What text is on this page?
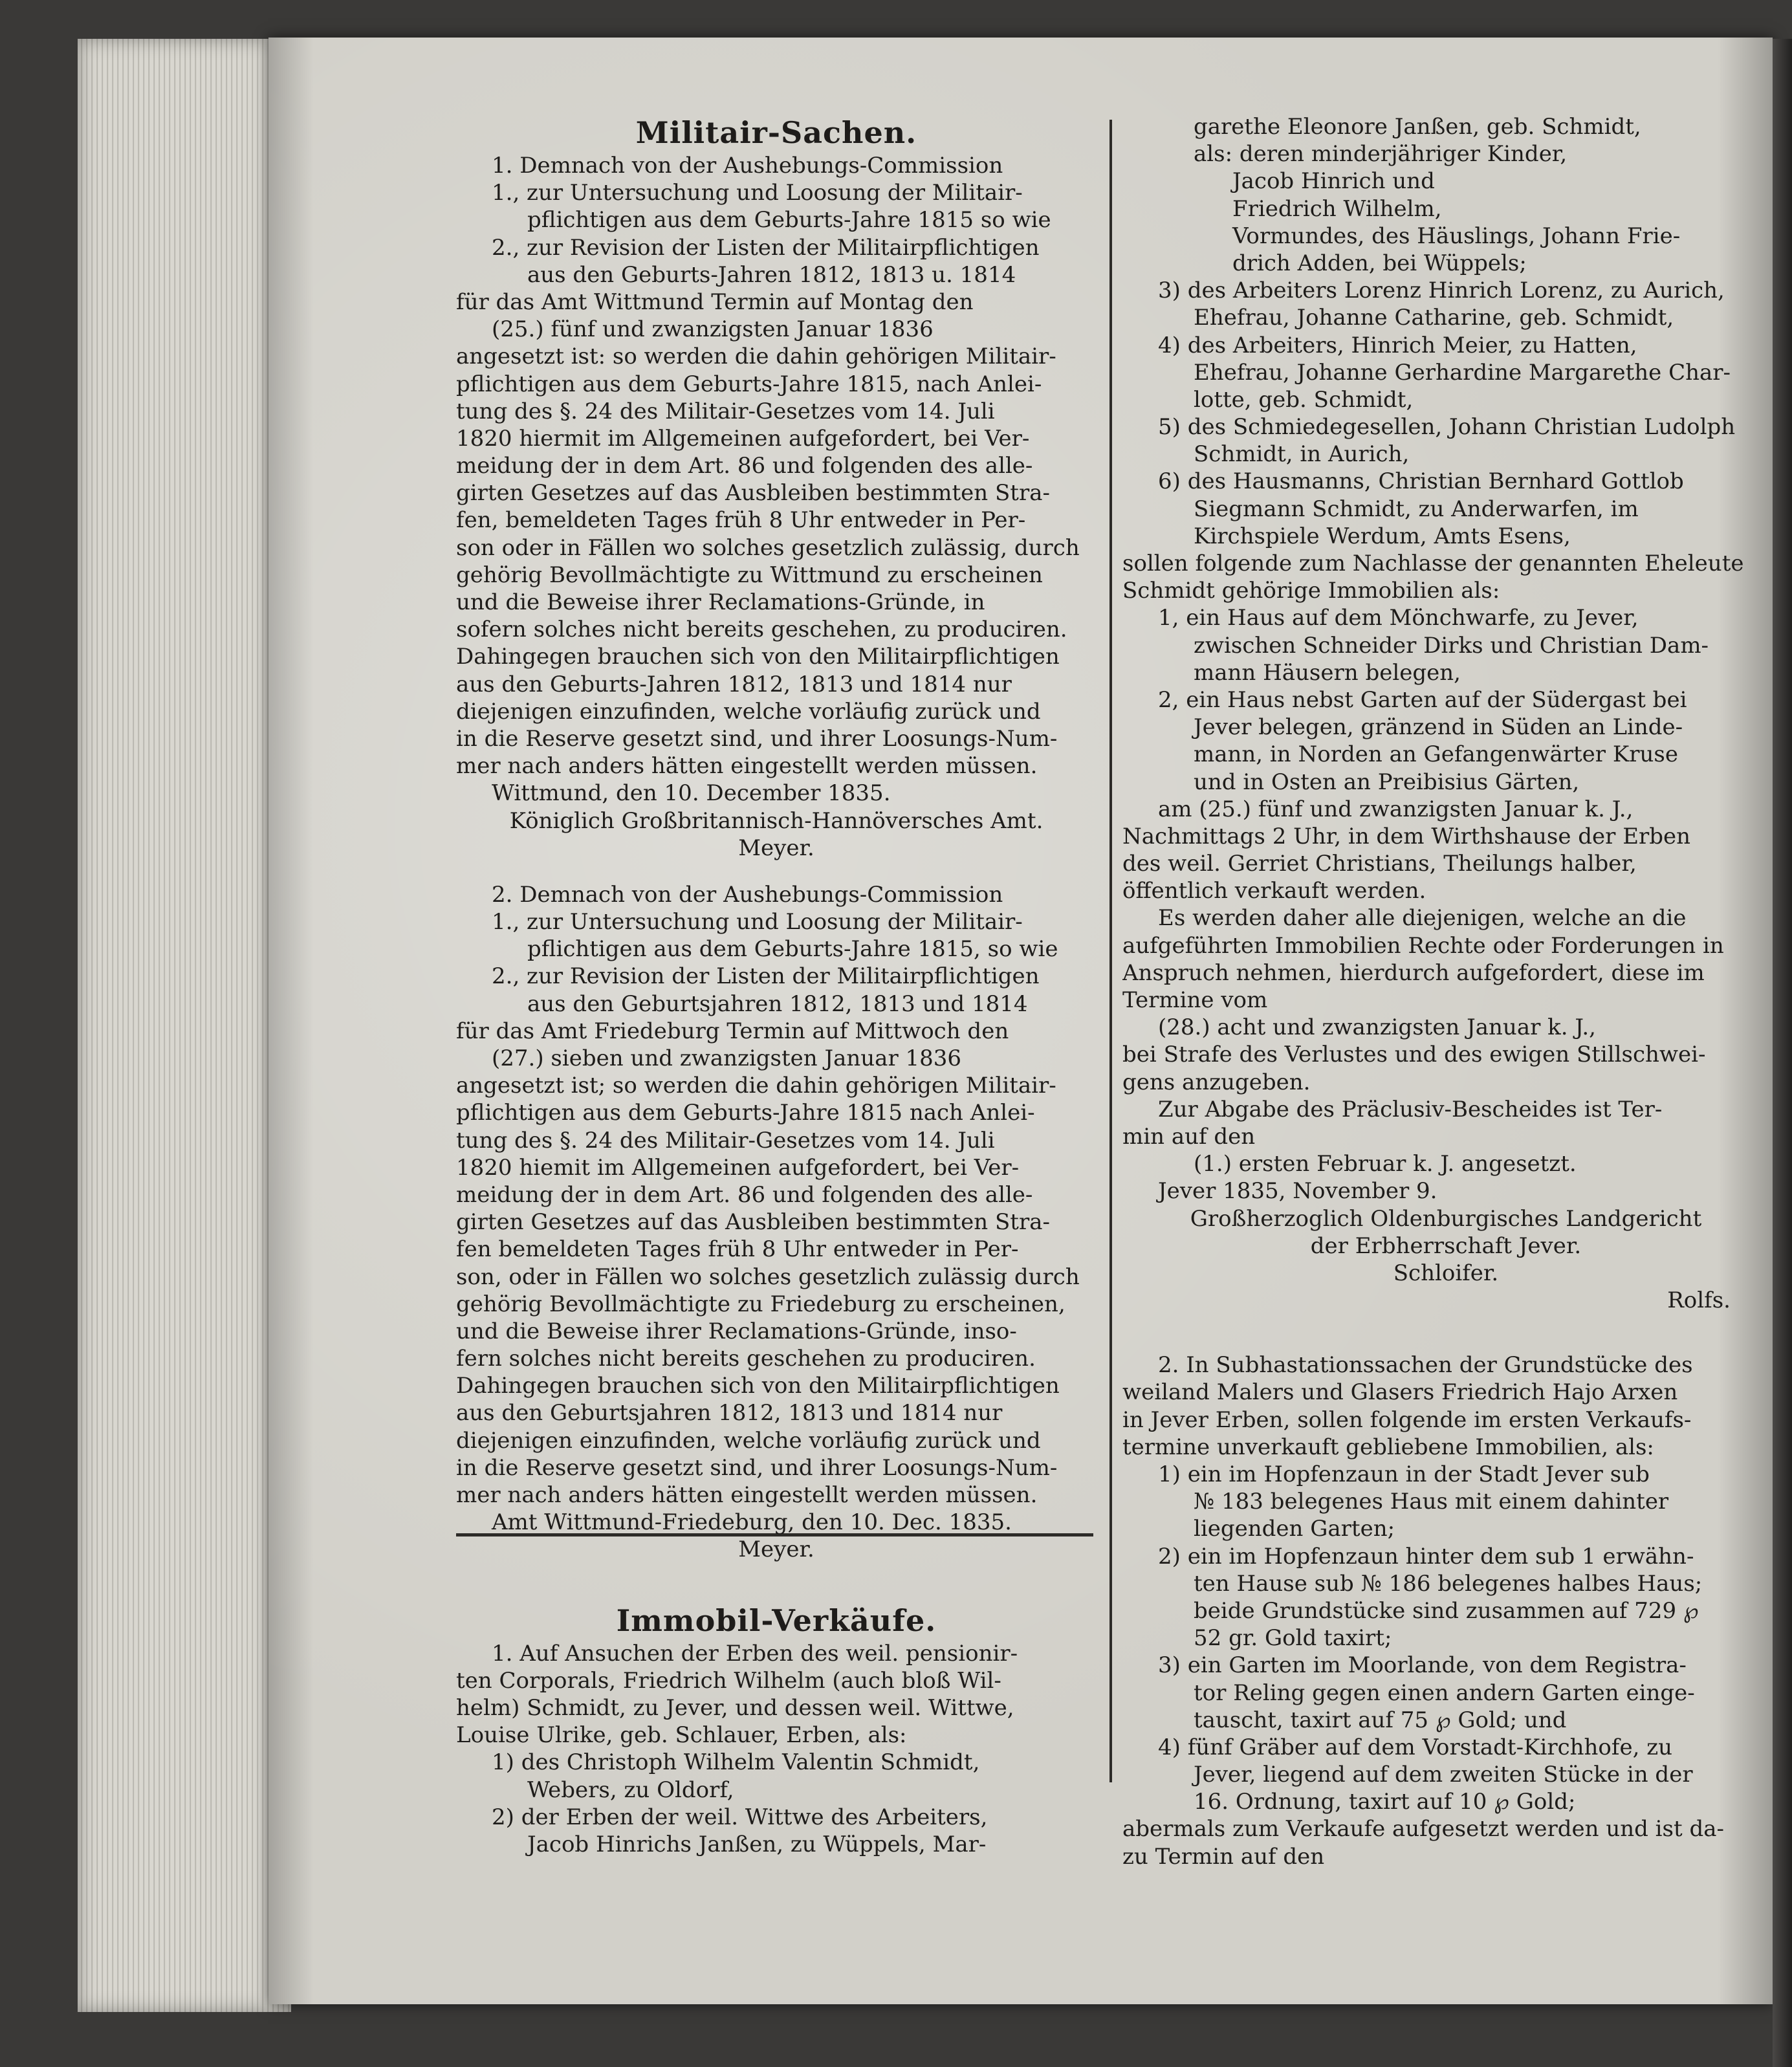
Militair-Sachen.
1. Demnach von der Aushebungs-Commission
1., zur Untersuchung und Loosung der Militair-
pflichtigen aus dem Geburts-Jahre 1815 so wie
2., zur Revision der Listen der Militairpflichtigen
aus den Geburts-Jahren 1812, 1813 u. 1814
für das Amt Wittmund Termin auf Montag den
(25.) fünf und zwanzigsten Januar 1836
angesetzt ist: so werden die dahin gehörigen Militair-
pflichtigen aus dem Geburts-Jahre 1815, nach Anlei-
tung des §. 24 des Militair-Gesetzes vom 14. Juli
1820 hiermit im Allgemeinen aufgefordert, bei Ver-
meidung der in dem Art. 86 und folgenden des alle-
girten Gesetzes auf das Ausbleiben bestimmten Stra-
fen, bemeldeten Tages früh 8 Uhr entweder in Per-
son oder in Fällen wo solches gesetzlich zulässig, durch
gehörig Bevollmächtigte zu Wittmund zu erscheinen
und die Beweise ihrer Reclamations-Gründe, in
sofern solches nicht bereits geschehen, zu produciren.
Dahingegen brauchen sich von den Militairpflichtigen
aus den Geburts-Jahren 1812, 1813 und 1814 nur
diejenigen einzufinden, welche vorläufig zurück und
in die Reserve gesetzt sind, und ihrer Loosungs-Num-
mer nach anders hätten eingestellt werden müssen.
Wittmund, den 10. December 1835.
Königlich Großbritannisch-Hannöversches Amt.
Meyer.
2. Demnach von der Aushebungs-Commission
1., zur Untersuchung und Loosung der Militair-
pflichtigen aus dem Geburts-Jahre 1815, so wie
2., zur Revision der Listen der Militairpflichtigen
aus den Geburtsjahren 1812, 1813 und 1814
für das Amt Friedeburg Termin auf Mittwoch den
(27.) sieben und zwanzigsten Januar 1836
angesetzt ist; so werden die dahin gehörigen Militair-
pflichtigen aus dem Geburts-Jahre 1815 nach Anlei-
tung des §. 24 des Militair-Gesetzes vom 14. Juli
1820 hiemit im Allgemeinen aufgefordert, bei Ver-
meidung der in dem Art. 86 und folgenden des alle-
girten Gesetzes auf das Ausbleiben bestimmten Stra-
fen bemeldeten Tages früh 8 Uhr entweder in Per-
son, oder in Fällen wo solches gesetzlich zulässig durch
gehörig Bevollmächtigte zu Friedeburg zu erscheinen,
und die Beweise ihrer Reclamations-Gründe, inso-
fern solches nicht bereits geschehen zu produciren.
Dahingegen brauchen sich von den Militairpflichtigen
aus den Geburtsjahren 1812, 1813 und 1814 nur
diejenigen einzufinden, welche vorläufig zurück und
in die Reserve gesetzt sind, und ihrer Loosungs-Num-
mer nach anders hätten eingestellt werden müssen.
Amt Wittmund-Friedeburg, den 10. Dec. 1835.
Meyer.
Immobil-Verkäufe.
1. Auf Ansuchen der Erben des weil. pensionir-
ten Corporals, Friedrich Wilhelm (auch bloß Wil-
helm) Schmidt, zu Jever, und dessen weil. Wittwe,
Louise Ulrike, geb. Schlauer, Erben, als:
1) des Christoph Wilhelm Valentin Schmidt,
Webers, zu Oldorf,
2) der Erben der weil. Wittwe des Arbeiters,
Jacob Hinrichs Janßen, zu Wüppels, Mar-
garethe Eleonore Janßen, geb. Schmidt,
als: deren minderjähriger Kinder,
Jacob Hinrich und
Friedrich Wilhelm,
Vormundes, des Häuslings, Johann Frie-
drich Adden, bei Wüppels;
3) des Arbeiters Lorenz Hinrich Lorenz, zu Aurich,
Ehefrau, Johanne Catharine, geb. Schmidt,
4) des Arbeiters, Hinrich Meier, zu Hatten,
Ehefrau, Johanne Gerhardine Margarethe Char-
lotte, geb. Schmidt,
5) des Schmiedegesellen, Johann Christian Ludolph
Schmidt, in Aurich,
6) des Hausmanns, Christian Bernhard Gottlob
Siegmann Schmidt, zu Anderwarfen, im
Kirchspiele Werdum, Amts Esens,
sollen folgende zum Nachlasse der genannten Eheleute
Schmidt gehörige Immobilien als:
1, ein Haus auf dem Mönchwarfe, zu Jever,
zwischen Schneider Dirks und Christian Dam-
mann Häusern belegen,
2, ein Haus nebst Garten auf der Südergast bei
Jever belegen, gränzend in Süden an Linde-
mann, in Norden an Gefangenwärter Kruse
und in Osten an Preibisius Gärten,
am (25.) fünf und zwanzigsten Januar k. J.,
Nachmittags 2 Uhr, in dem Wirthshause der Erben
des weil. Gerriet Christians, Theilungs halber,
öffentlich verkauft werden.
Es werden daher alle diejenigen, welche an die
aufgeführten Immobilien Rechte oder Forderungen in
Anspruch nehmen, hierdurch aufgefordert, diese im
Termine vom
(28.) acht und zwanzigsten Januar k. J.,
bei Strafe des Verlustes und des ewigen Stillschwei-
gens anzugeben.
Zur Abgabe des Präclusiv-Bescheides ist Ter-
min auf den
(1.) ersten Februar k. J. angesetzt.
Jever 1835, November 9.
Großherzoglich Oldenburgisches Landgericht
der Erbherrschaft Jever.
Schloifer.
Rolfs.
2. In Subhastationssachen der Grundstücke des
weiland Malers und Glasers Friedrich Hajo Arxen
in Jever Erben, sollen folgende im ersten Verkaufs-
termine unverkauft gebliebene Immobilien, als:
1) ein im Hopfenzaun in der Stadt Jever sub
№ 183 belegenes Haus mit einem dahinter
liegenden Garten;
2) ein im Hopfenzaun hinter dem sub 1 erwähn-
ten Hause sub № 186 belegenes halbes Haus;
beide Grundstücke sind zusammen auf 729 ℘
52 gr. Gold taxirt;
3) ein Garten im Moorlande, von dem Registra-
tor Reling gegen einen andern Garten einge-
tauscht, taxirt auf 75 ℘ Gold; und
4) fünf Gräber auf dem Vorstadt-Kirchhofe, zu
Jever, liegend auf dem zweiten Stücke in der
16. Ordnung, taxirt auf 10 ℘ Gold;
abermals zum Verkaufe aufgesetzt werden und ist da-
zu Termin auf den
